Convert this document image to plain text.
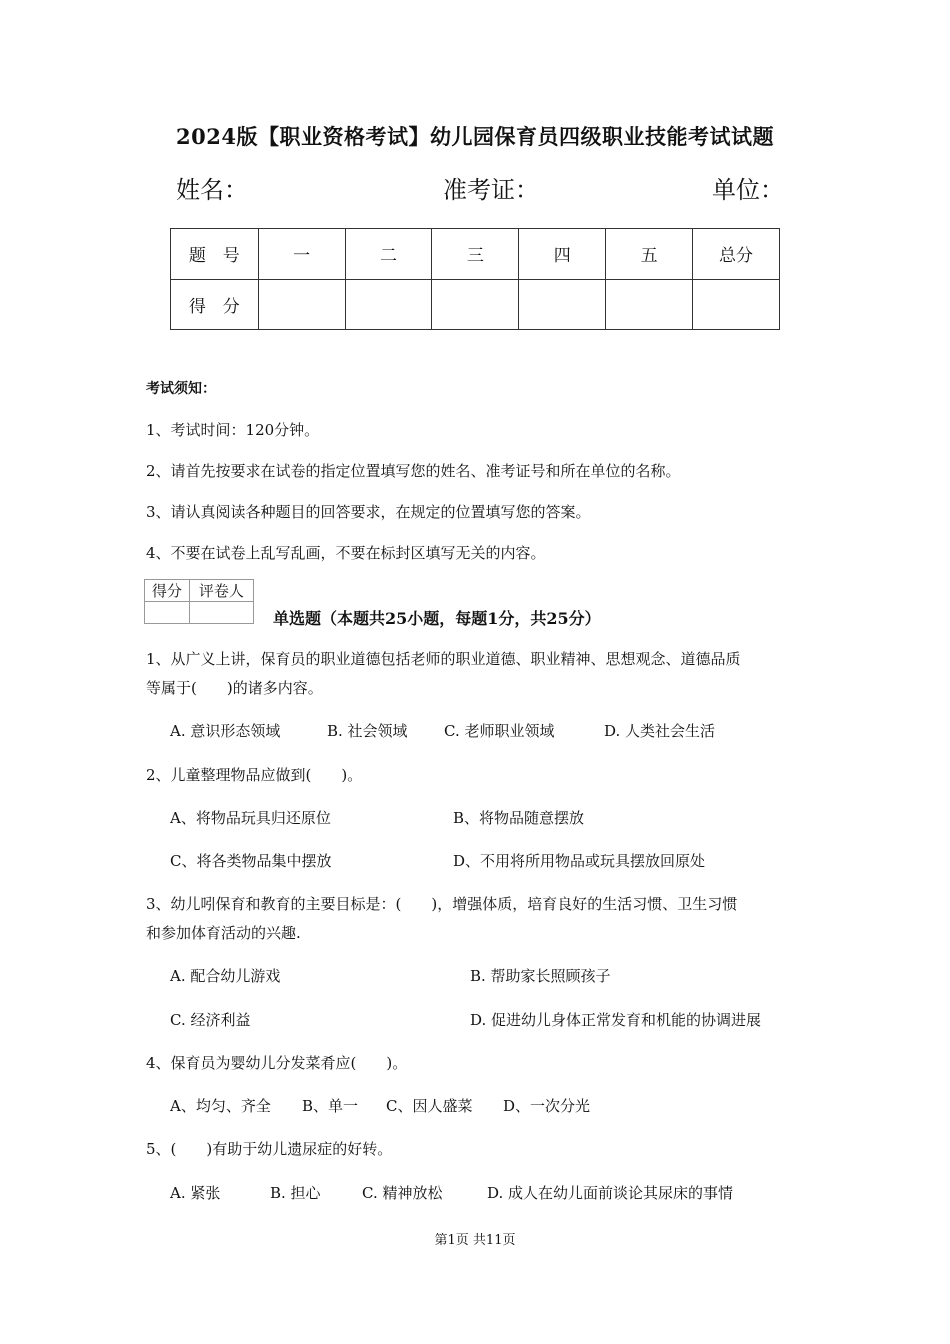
2024版【职业资格考试】幼儿园保育员四级职业技能考试试题
姓名：	准考证：	单位：
题　号	一	二	三	四	五	总分
得　分						
考试须知：
1、考试时间：120分钟。
2、请首先按要求在试卷的指定位置填写您的姓名、准考证号和所在单位的名称。
3、请认真阅读各种题目的回答要求，在规定的位置填写您的答案。
4、不要在试卷上乱写乱画，不要在标封区填写无关的内容。
得分	评卷人

单选题（本题共25小题，每题1分，共25分）
1、从广义上讲，保育员的职业道德包括老师的职业道德、职业精神、思想观念、道德品质
等属于(　　)的诸多内容。
A. 意识形态领域	B. 社会领域 C. 老师职业领域	D. 人类社会生活
2、儿童整理物品应做到(　　)。
A、将物品玩具归还原位	B、将物品随意摆放
C、将各类物品集中摆放	D、不用将所用物品或玩具摆放回原处
3、幼儿吲保育和教育的主要目标是：(　　)，增强体质，培育良好的生活习惯、卫生习惯
和参加体育活动的兴趣.
A. 配合幼儿游戏	B. 帮助家长照顾孩子
C. 经济利益	D. 促进幼儿身体正常发育和机能的协调进展
4、保育员为婴幼儿分发菜肴应(　　)。
A、均匀、齐全 B、单一 C、因人盛菜 D、一次分光
5、(　　)有助于幼儿遗尿症的好转。
A. 紧张	B. 担心	C. 精神放松	D. 成人在幼儿面前谈论其尿床的事情
第1页 共11页
